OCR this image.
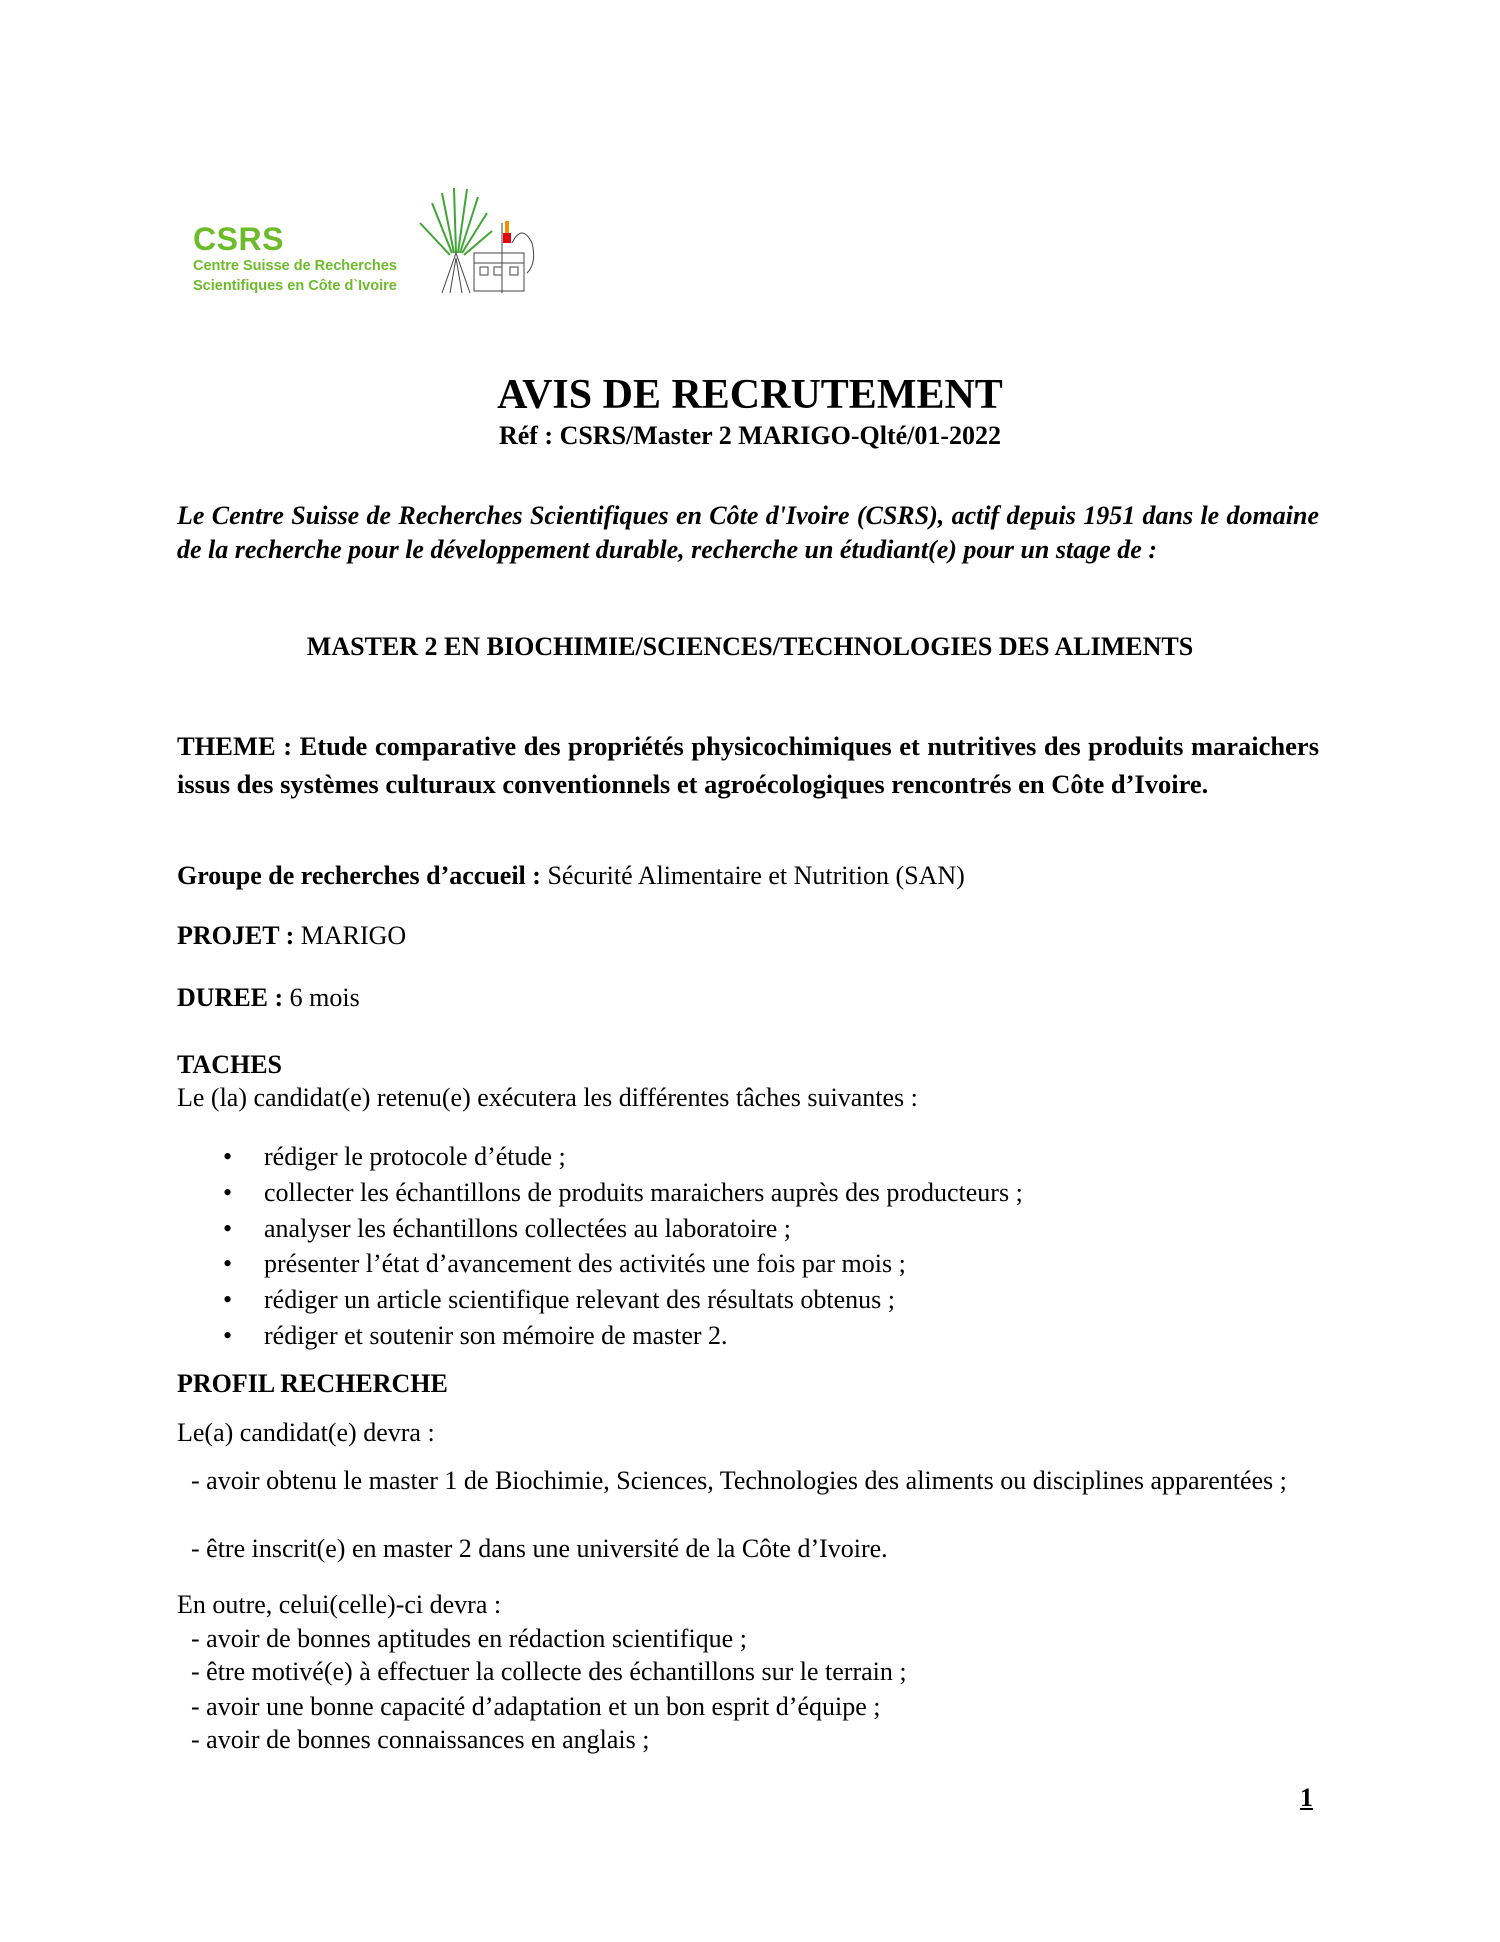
CSRS
Centre Suisse de Recherches
Scientifiques en Côte d`Ivoire
AVIS DE RECRUTEMENT
Réf : CSRS/Master 2 MARIGO-Qlté/01-2022
Le Centre Suisse de Recherches Scientifiques en Côte d'Ivoire (CSRS), actif depuis 1951 dans le domaine de la recherche pour le développement durable, recherche un étudiant(e) pour un stage de :
MASTER 2 EN BIOCHIMIE/SCIENCES/TECHNOLOGIES DES ALIMENTS
THEME : Etude comparative des propriétés physicochimiques et nutritives des produits maraichers issus des systèmes culturaux conventionnels et agroécologiques rencontrés en Côte d’Ivoire.
Groupe de recherches d’accueil : Sécurité Alimentaire et Nutrition (SAN)
PROJET : MARIGO
DUREE : 6 mois
TACHES
Le (la) candidat(e) retenu(e) exécutera les différentes tâches suivantes :
• rédiger le protocole d’étude ;
• collecter les échantillons de produits maraichers auprès des producteurs ;
• analyser les échantillons collectées au laboratoire ;
• présenter l’état d’avancement des activités une fois par mois ;
• rédiger un article scientifique relevant des résultats obtenus ;
• rédiger et soutenir son mémoire de master 2.
PROFIL RECHERCHE
Le(a) candidat(e) devra :
- avoir obtenu le master 1 de Biochimie, Sciences, Technologies des aliments ou disciplines apparentées ;
- être inscrit(e) en master 2 dans une université de la Côte d’Ivoire.
En outre, celui(celle)-ci devra :
- avoir de bonnes aptitudes en rédaction scientifique ;
- être motivé(e) à effectuer la collecte des échantillons sur le terrain ;
- avoir une bonne capacité d’adaptation et un bon esprit d’équipe ;
- avoir de bonnes connaissances en anglais ;
1
